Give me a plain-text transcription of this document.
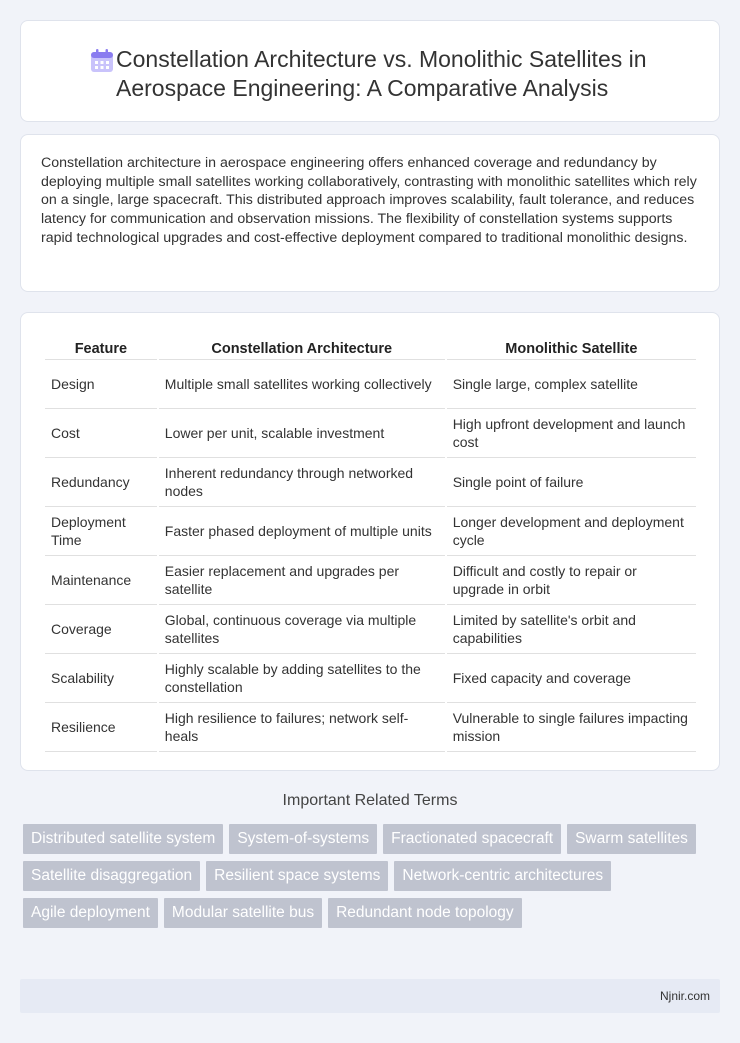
Constellation Architecture vs. Monolithic Satellites in Aerospace Engineering: A Comparative Analysis

Constellation architecture in aerospace engineering offers enhanced coverage and redundancy by deploying multiple small satellites working collaboratively, contrasting with monolithic satellites which rely on a single, large spacecraft. This distributed approach improves scalability, fault tolerance, and reduces latency for communication and observation missions. The flexibility of constellation systems supports rapid technological upgrades and cost-effective deployment compared to traditional monolithic designs.

Feature	Constellation Architecture	Monolithic Satellite
Design	Multiple small satellites working collectively	Single large, complex satellite
Cost	Lower per unit, scalable investment	High upfront development and launch cost
Redundancy	Inherent redundancy through networked nodes	Single point of failure
Deployment Time	Faster phased deployment of multiple units	Longer development and deployment cycle
Maintenance	Easier replacement and upgrades per satellite	Difficult and costly to repair or upgrade in orbit
Coverage	Global, continuous coverage via multiple satellites	Limited by satellite's orbit and capabilities
Scalability	Highly scalable by adding satellites to the constellation	Fixed capacity and coverage
Resilience	High resilience to failures; network self-heals	Vulnerable to single failures impacting mission
Important Related Terms
Distributed satellite system	System-of-systems	Fractionated spacecraft	Swarm satellites
Satellite disaggregation	Resilient space systems	Network-centric architectures
Agile deployment	Modular satellite bus	Redundant node topology
Njnir.com
